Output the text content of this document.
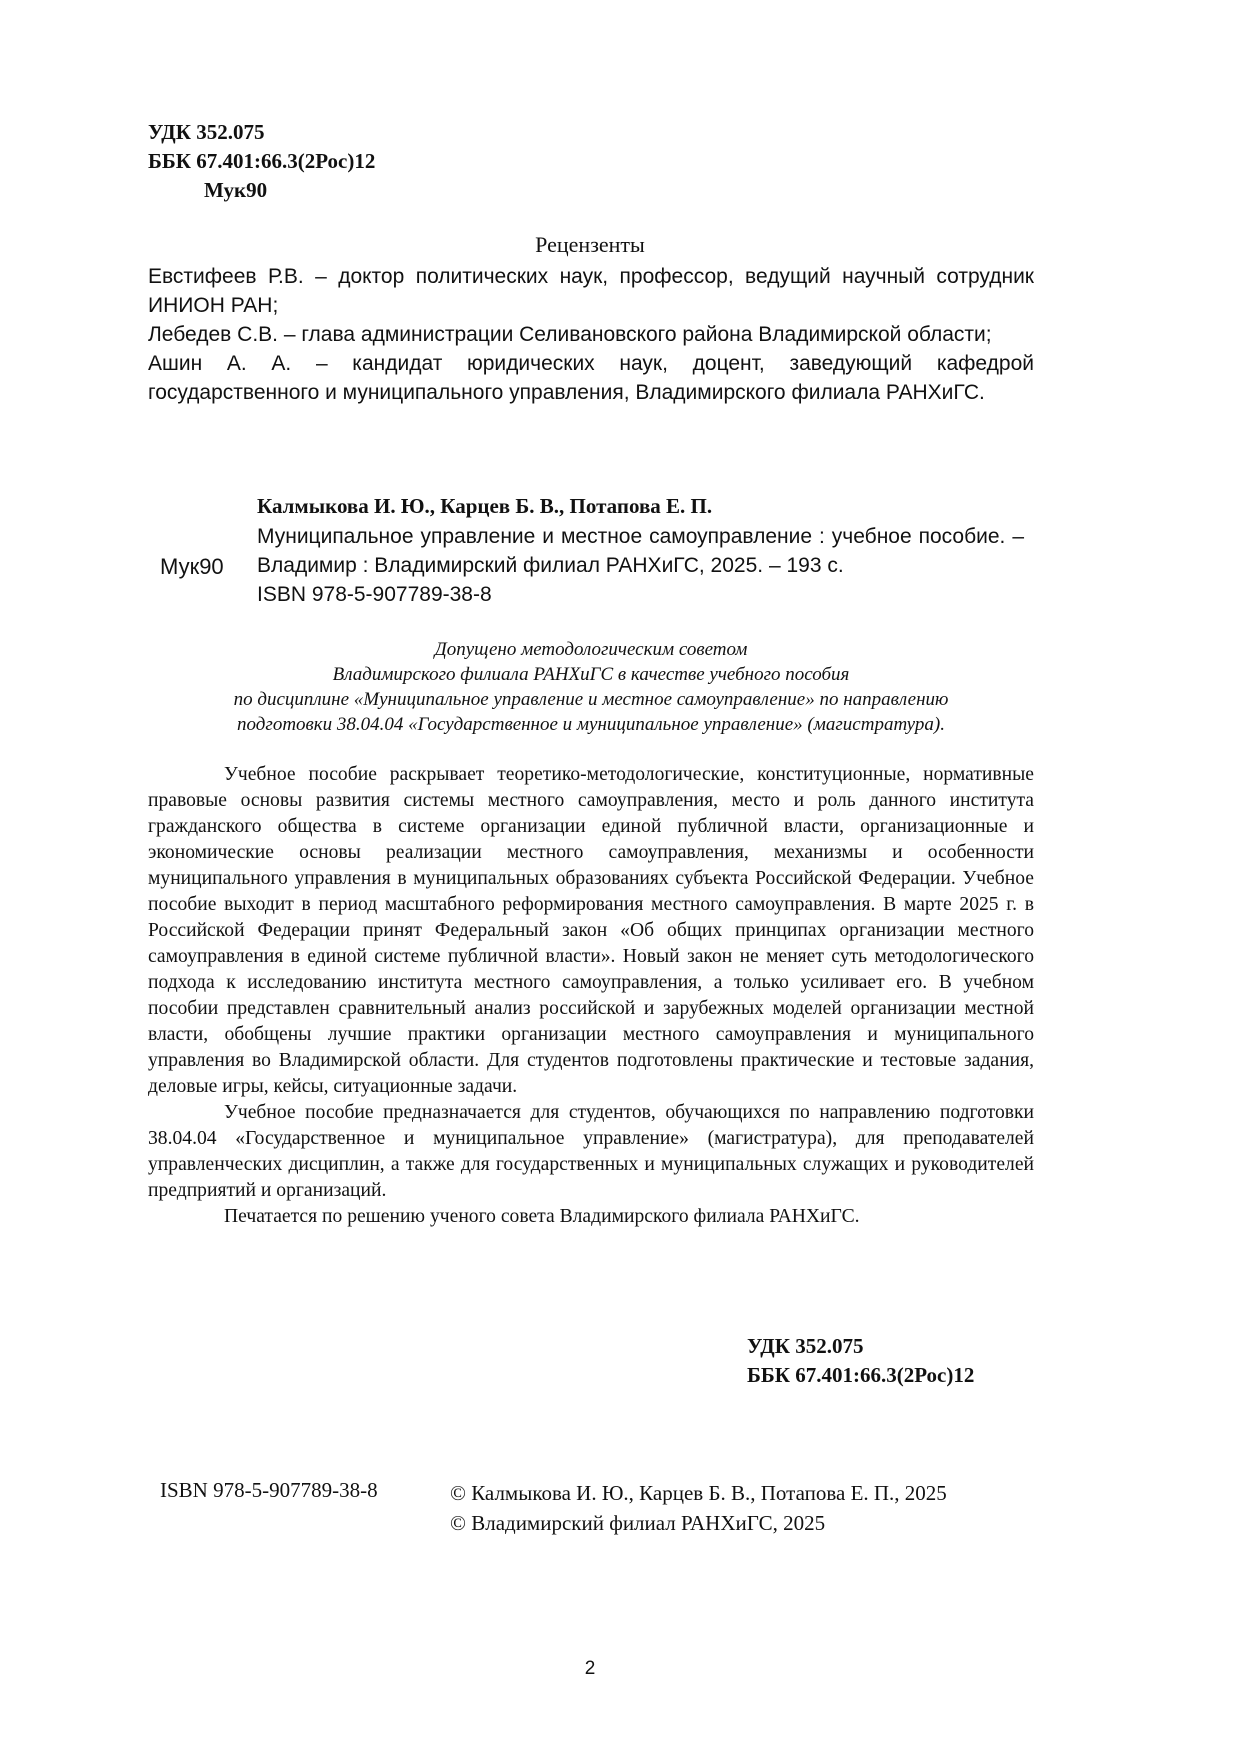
УДК 352.075
ББК 67.401:66.3(2Рос)12
Мук90
Рецензенты

Евстифеев Р.В. – доктор политических наук, профессор, ведущий научный сотрудник ИНИОН РАН;

Лебедев С.В. – глава администрации Селивановского района Владимирской области;

Ашин А. А. – кандидат юридических наук, доцент, заведующий кафедрой государственного и муниципального управления, Владимирского филиала РАНХиГС.

Мук90
Калмыкова И. Ю., Карцев Б. В., Потапова Е. П.
Муниципальное управление и местное самоуправление : учебное пособие. – Владимир : Владимирский филиал РАНХиГС, 2025. – 193 с.
ISBN 978-5-907789-38-8
Допущено методологическим советом
Владимирского филиала РАНХиГС в качестве учебного пособия
по дисциплине «Муниципальное управление и местное самоуправление» по направлению
подготовки 38.04.04 «Государственное и муниципальное управление» (магистратура).

Учебное пособие раскрывает теоретико-методологические, конституционные, нормативные правовые основы развития системы местного самоуправления, место и роль данного института гражданского общества в системе организации единой публичной власти, организационные и экономические основы реализации местного самоуправления, механизмы и особенности муниципального управления в муниципальных образованиях субъекта Российской Федерации. Учебное пособие выходит в период масштабного реформирования местного самоуправления. В марте 2025 г. в Российской Федерации принят Федеральный закон «Об общих принципах организации местного самоуправления в единой системе публичной власти». Новый закон не меняет суть методологического подхода к исследованию института местного самоуправления, а только усиливает его. В учебном пособии представлен сравнительный анализ российской и зарубежных моделей организации местной власти, обобщены лучшие практики организации местного самоуправления и муниципального управления во Владимирской области. Для студентов подготовлены практические и тестовые задания, деловые игры, кейсы, ситуационные задачи.

Учебное пособие предназначается для студентов, обучающихся по направлению подготовки 38.04.04 «Государственное и муниципальное управление» (магистратура), для преподавателей управленческих дисциплин, а также для государственных и муниципальных служащих и руководителей предприятий и организаций.

Печатается по решению ученого совета Владимирского филиала РАНХиГС.

УДК 352.075
ББК 67.401:66.3(2Рос)12
ISBN 978-5-907789-38-8	© Калмыкова И. Ю., Карцев Б. В., Потапова Е. П., 2025
© Владимирский филиал РАНХиГС, 2025
2
